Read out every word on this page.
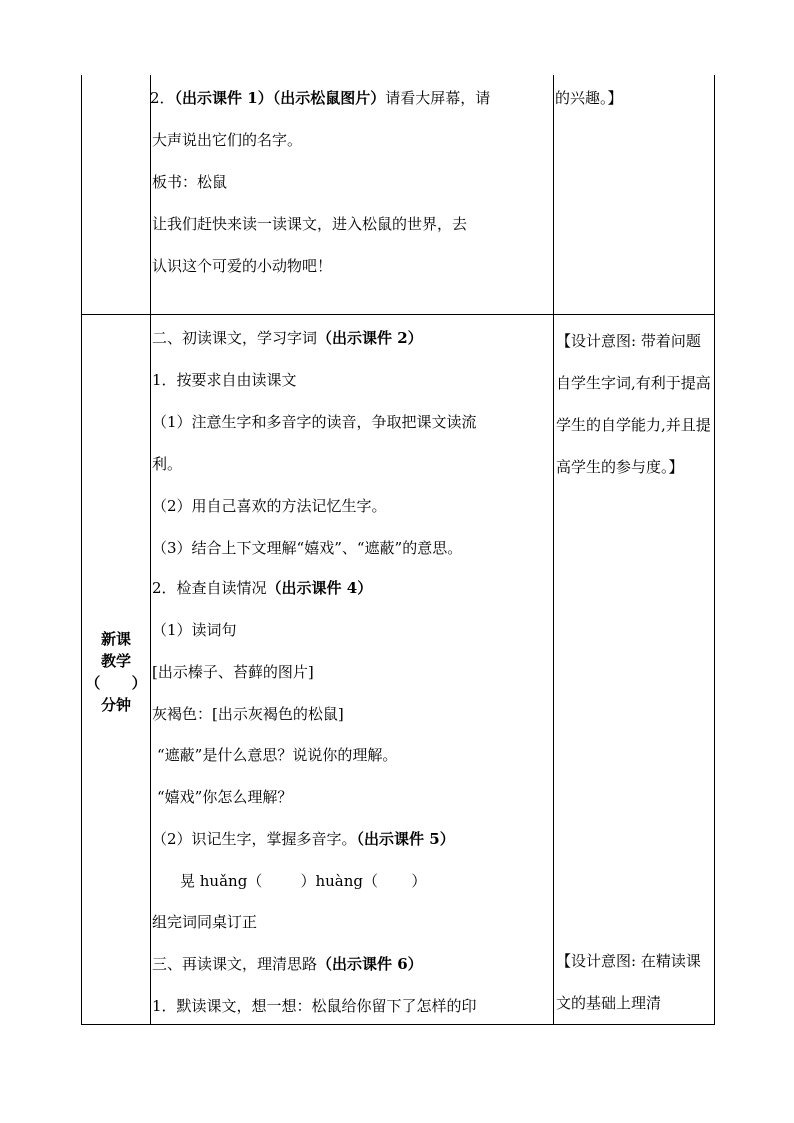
2．（出示课件 1）（出示松鼠图片）请看大屏幕，请
大声说出它们的名字。
板书：松鼠
让我们赶快来读一读课文，进入松鼠的世界，去
认识这个可爱的小动物吧！
的兴趣。】
新课
教学
（      ）
分钟
二、初读课文，学习字词（出示课件 2）
1．按要求自由读课文
（1）注意生字和多音字的读音，争取把课文读流
利。
（2）用自己喜欢的方法记忆生字。
（3）结合上下文理解“嬉戏”、“遮蔽”的意思。
2．检查自读情况（出示课件 4）
（1）读词句
[出示榛子、苔藓的图片]
灰褐色：[出示灰褐色的松鼠]
“遮蔽”是什么意思？说说你的理解。
“嬉戏”你怎么理解？
（2）识记生字，掌握多音字。（出示课件 5）
晃 huǎng（        ）huàng（       ）
组完词同桌订正
三、再读课文，理清思路（出示课件 6）
1．默读课文，想一想：松鼠给你留下了怎样的印
【设计意图: 带着问题自学生字词,有利于提高学生的自学能力,并且提高学生的参与度。】
【设计意图: 在精读课文的基础上理清
